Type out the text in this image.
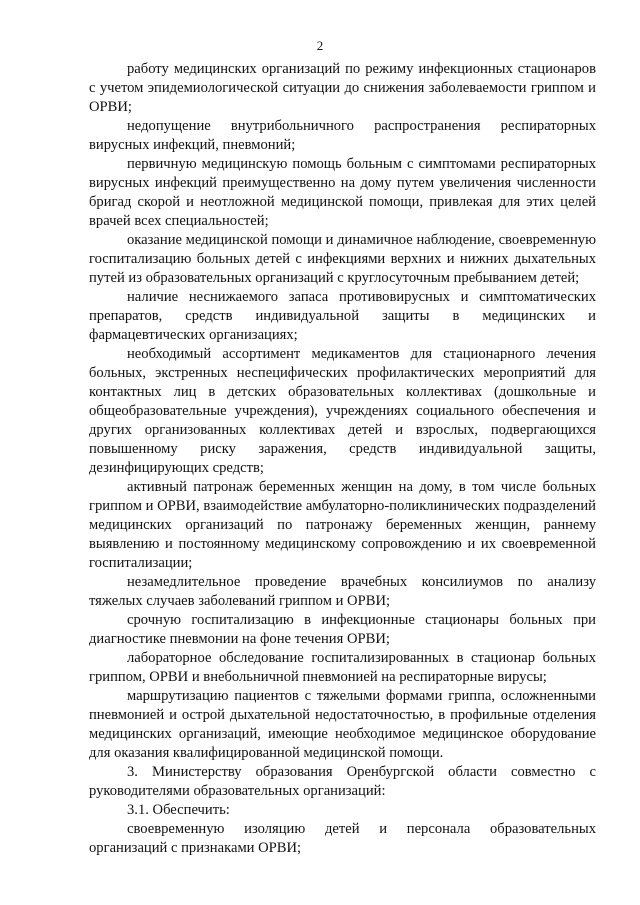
2

работу медицинских организаций по режиму инфекционных стационаров с учетом эпидемиологической ситуации до снижения заболеваемости гриппом и ОРВИ;

недопущение внутрибольничного распространения респираторных вирусных инфекций, пневмоний;

первичную медицинскую помощь больным с симптомами респираторных вирусных инфекций преимущественно на дому путем увеличения численности бригад скорой и неотложной медицинской помощи, привлекая для этих целей врачей всех специальностей;

оказание медицинской помощи и динамичное наблюдение, своевременную госпитализацию больных детей с инфекциями верхних и нижних дыхательных путей из образовательных организаций с круглосуточным пребыванием детей;

наличие неснижаемого запаса противовирусных и симптоматических препаратов, средств индивидуальной защиты в медицинских и фармацевтических организациях;

необходимый ассортимент медикаментов для стационарного лечения больных, экстренных неспецифических профилактических мероприятий для контактных лиц в детских образовательных коллективах (дошкольные и общеобразовательные учреждения), учреждениях социального обеспечения и других организованных коллективах детей и взрослых, подвергающихся повышенному риску заражения, средств индивидуальной защиты, дезинфицирующих средств;

активный патронаж беременных женщин на дому, в том числе больных гриппом и ОРВИ, взаимодействие амбулаторно-поликлинических подразделений медицинских организаций по патронажу беременных женщин, раннему выявлению и постоянному медицинскому сопровождению и их своевременной госпитализации;

незамедлительное проведение врачебных консилиумов по анализу тяжелых случаев заболеваний гриппом и ОРВИ;

срочную госпитализацию в инфекционные стационары больных при диагностике пневмонии на фоне течения ОРВИ;

лабораторное обследование госпитализированных в стационар больных гриппом, ОРВИ и внебольничной пневмонией на респираторные вирусы;

маршрутизацию пациентов с тяжелыми формами гриппа, осложненными пневмонией и острой дыхательной недостаточностью, в профильные отделения медицинских организаций, имеющие необходимое медицинское оборудование для оказания квалифицированной медицинской помощи.

3. Министерству образования Оренбургской области совместно с руководителями образовательных организаций:

3.1. Обеспечить:

своевременную изоляцию детей и персонала образовательных организаций с признаками ОРВИ;
